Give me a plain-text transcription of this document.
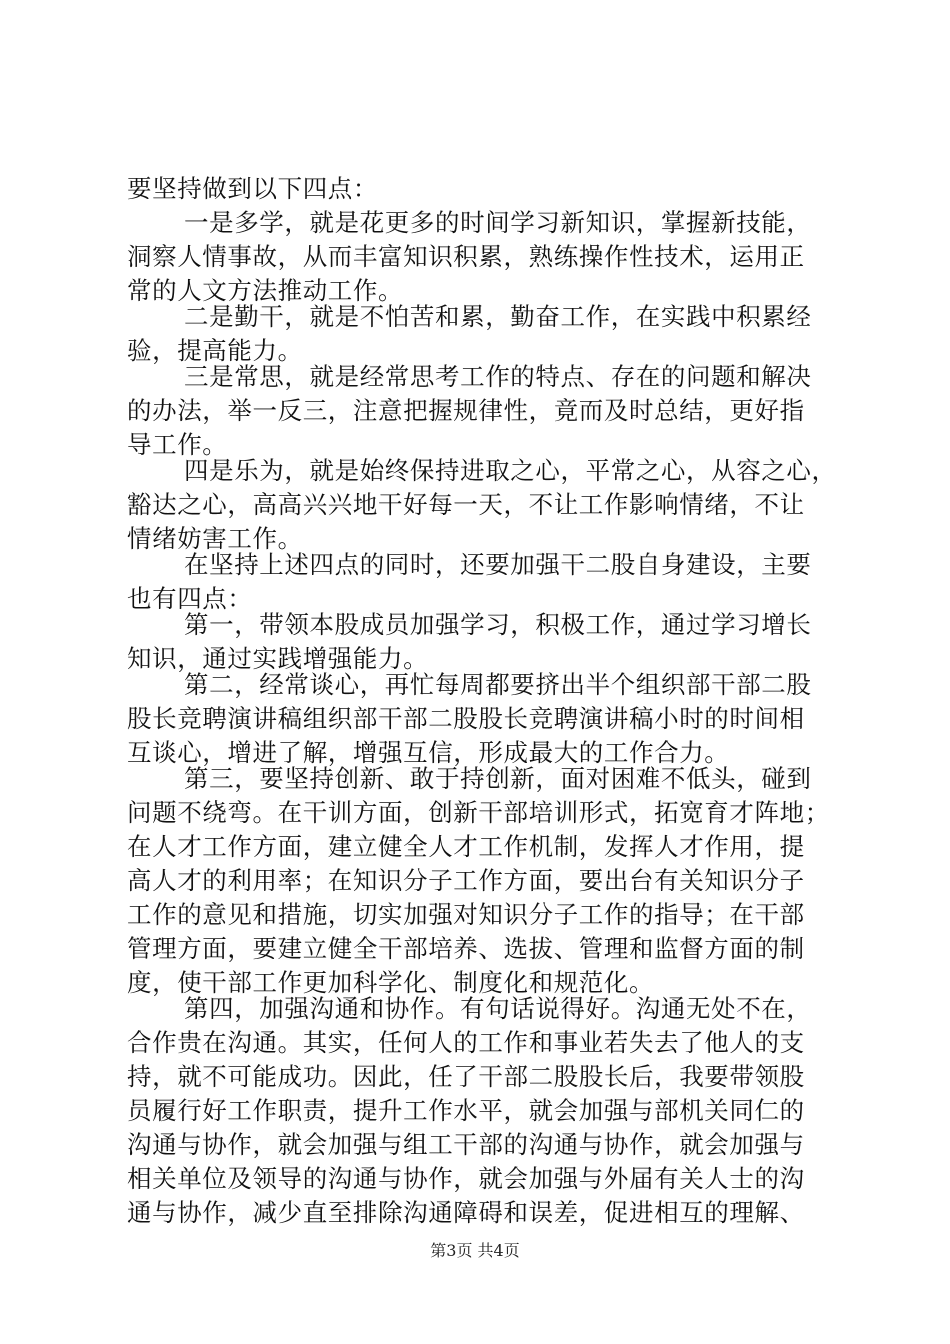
要坚持做到以下四点：
一是多学，就是花更多的时间学习新知识，掌握新技能，
洞察人情事故，从而丰富知识积累，熟练操作性技术，运用正
常的人文方法推动工作。
二是勤干，就是不怕苦和累，勤奋工作，在实践中积累经
验，提高能力。
三是常思，就是经常思考工作的特点、存在的问题和解决
的办法，举一反三，注意把握规律性，竟而及时总结，更好指
导工作。
四是乐为，就是始终保持进取之心，平常之心，从容之心，
豁达之心，高高兴兴地干好每一天，不让工作影响情绪，不让
情绪妨害工作。
在坚持上述四点的同时，还要加强干二股自身建设，主要
也有四点：
第一，带领本股成员加强学习，积极工作，通过学习增长
知识，通过实践增强能力。
第二，经常谈心，再忙每周都要挤出半个组织部干部二股
股长竞聘演讲稿组织部干部二股股长竞聘演讲稿小时的时间相
互谈心，增进了解，增强互信，形成最大的工作合力。
第三，要坚持创新、敢于持创新，面对困难不低头，碰到
问题不绕弯。在干训方面，创新干部培训形式，拓宽育才阵地；
在人才工作方面，建立健全人才工作机制，发挥人才作用，提
高人才的利用率；在知识分子工作方面，要出台有关知识分子
工作的意见和措施，切实加强对知识分子工作的指导；在干部
管理方面，要建立健全干部培养、选拔、管理和监督方面的制
度，使干部工作更加科学化、制度化和规范化。
第四，加强沟通和协作。有句话说得好。沟通无处不在，
合作贵在沟通。其实，任何人的工作和事业若失去了他人的支
持，就不可能成功。因此，任了干部二股股长后，我要带领股
员履行好工作职责，提升工作水平，就会加强与部机关同仁的
沟通与协作，就会加强与组工干部的沟通与协作，就会加强与
相关单位及领导的沟通与协作，就会加强与外届有关人士的沟
通与协作，减少直至排除沟通障碍和误差，促进相互的理解、
第3页 共4页
